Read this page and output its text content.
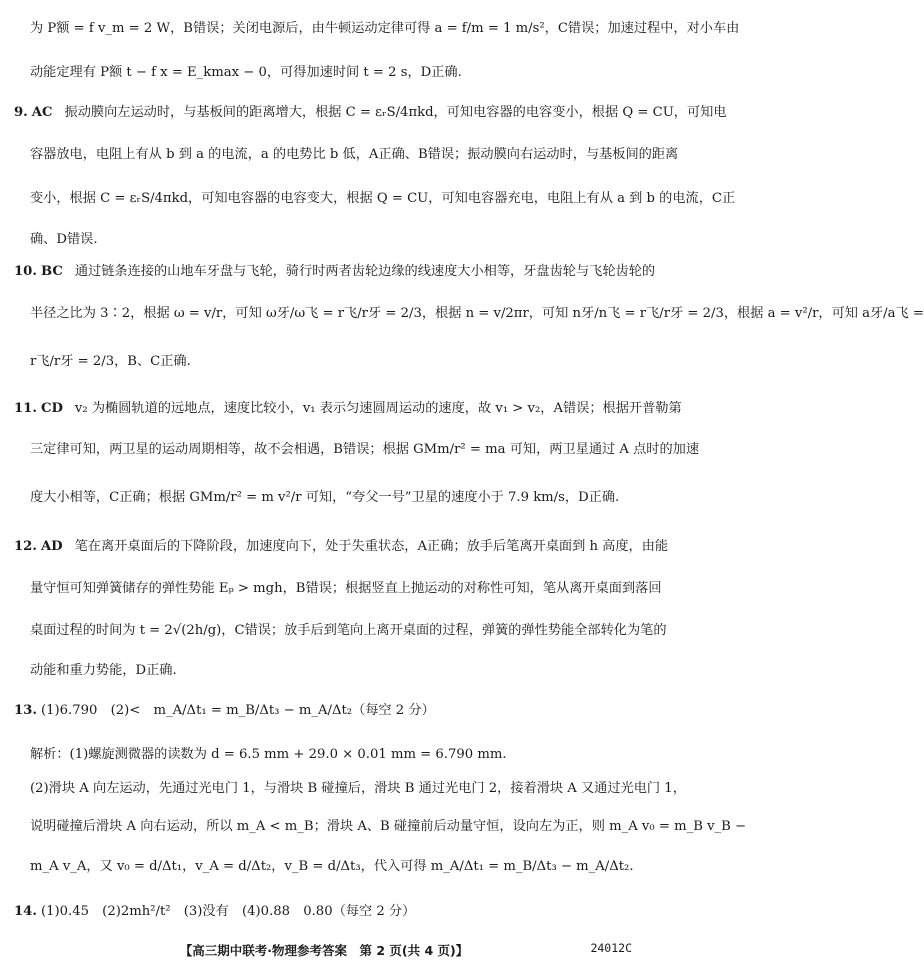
为 P额 = f v_m = 2 W，B错误；关闭电源后，由牛顿运动定律可得 a = f/m = 1 m/s²，C错误；加速过程中，对小车由
动能定理有 P额 t − f x = E_kmax − 0，可得加速时间 t = 2 s，D正确.
9. AC 振动膜向左运动时，与基板间的距离增大，根据 C = εᵣS/4πkd，可知电容器的电容变小，根据 Q = CU，可知电
容器放电，电阻上有从 b 到 a 的电流，a 的电势比 b 低，A正确、B错误；振动膜向右运动时，与基板间的距离
变小，根据 C = εᵣS/4πkd，可知电容器的电容变大，根据 Q = CU，可知电容器充电，电阻上有从 a 到 b 的电流，C正
确、D错误.
10. BC 通过链条连接的山地车牙盘与飞轮，骑行时两者齿轮边缘的线速度大小相等，牙盘齿轮与飞轮齿轮的
半径之比为 3∶2，根据 ω = v/r，可知 ω牙/ω飞 = r飞/r牙 = 2/3，根据 n = v/2πr，可知 n牙/n飞 = r飞/r牙 = 2/3，根据 a = v²/r，可知 a牙/a飞 =
r飞/r牙 = 2/3，B、C正确.
11. CD v₂ 为椭圆轨道的远地点，速度比较小，v₁ 表示匀速圆周运动的速度，故 v₁ > v₂，A错误；根据开普勒第
三定律可知，两卫星的运动周期相等，故不会相遇，B错误；根据 GMm/r² = ma 可知，两卫星通过 A 点时的加速
度大小相等，C正确；根据 GMm/r² = m v²/r 可知，“夸父一号”卫星的速度小于 7.9 km/s，D正确.
12. AD 笔在离开桌面后的下降阶段，加速度向下，处于失重状态，A正确；放手后笔离开桌面到 h 高度，由能
量守恒可知弹簧储存的弹性势能 Eₚ > mgh，B错误；根据竖直上抛运动的对称性可知，笔从离开桌面到落回
桌面过程的时间为 t = 2√(2h/g)，C错误；放手后到笔向上离开桌面的过程，弹簧的弹性势能全部转化为笔的
动能和重力势能，D正确.
13. (1)6.790　(2)<　m_A/Δt₁ = m_B/Δt₃ − m_A/Δt₂（每空 2 分）
解析：(1)螺旋测微器的读数为 d = 6.5 mm + 29.0 × 0.01 mm = 6.790 mm.
(2)滑块 A 向左运动，先通过光电门 1，与滑块 B 碰撞后，滑块 B 通过光电门 2，接着滑块 A 又通过光电门 1，
说明碰撞后滑块 A 向右运动，所以 m_A < m_B；滑块 A、B 碰撞前后动量守恒，设向左为正，则 m_A v₀ = m_B v_B −
m_A v_A，又 v₀ = d/Δt₁，v_A = d/Δt₂，v_B = d/Δt₃，代入可得 m_A/Δt₁ = m_B/Δt₃ − m_A/Δt₂.
14. (1)0.45　(2)2mh²/t²　(3)没有　(4)0.88　0.80（每空 2 分）
【高三期中联考·物理参考答案　第 2 页(共 4 页)】	24012C
